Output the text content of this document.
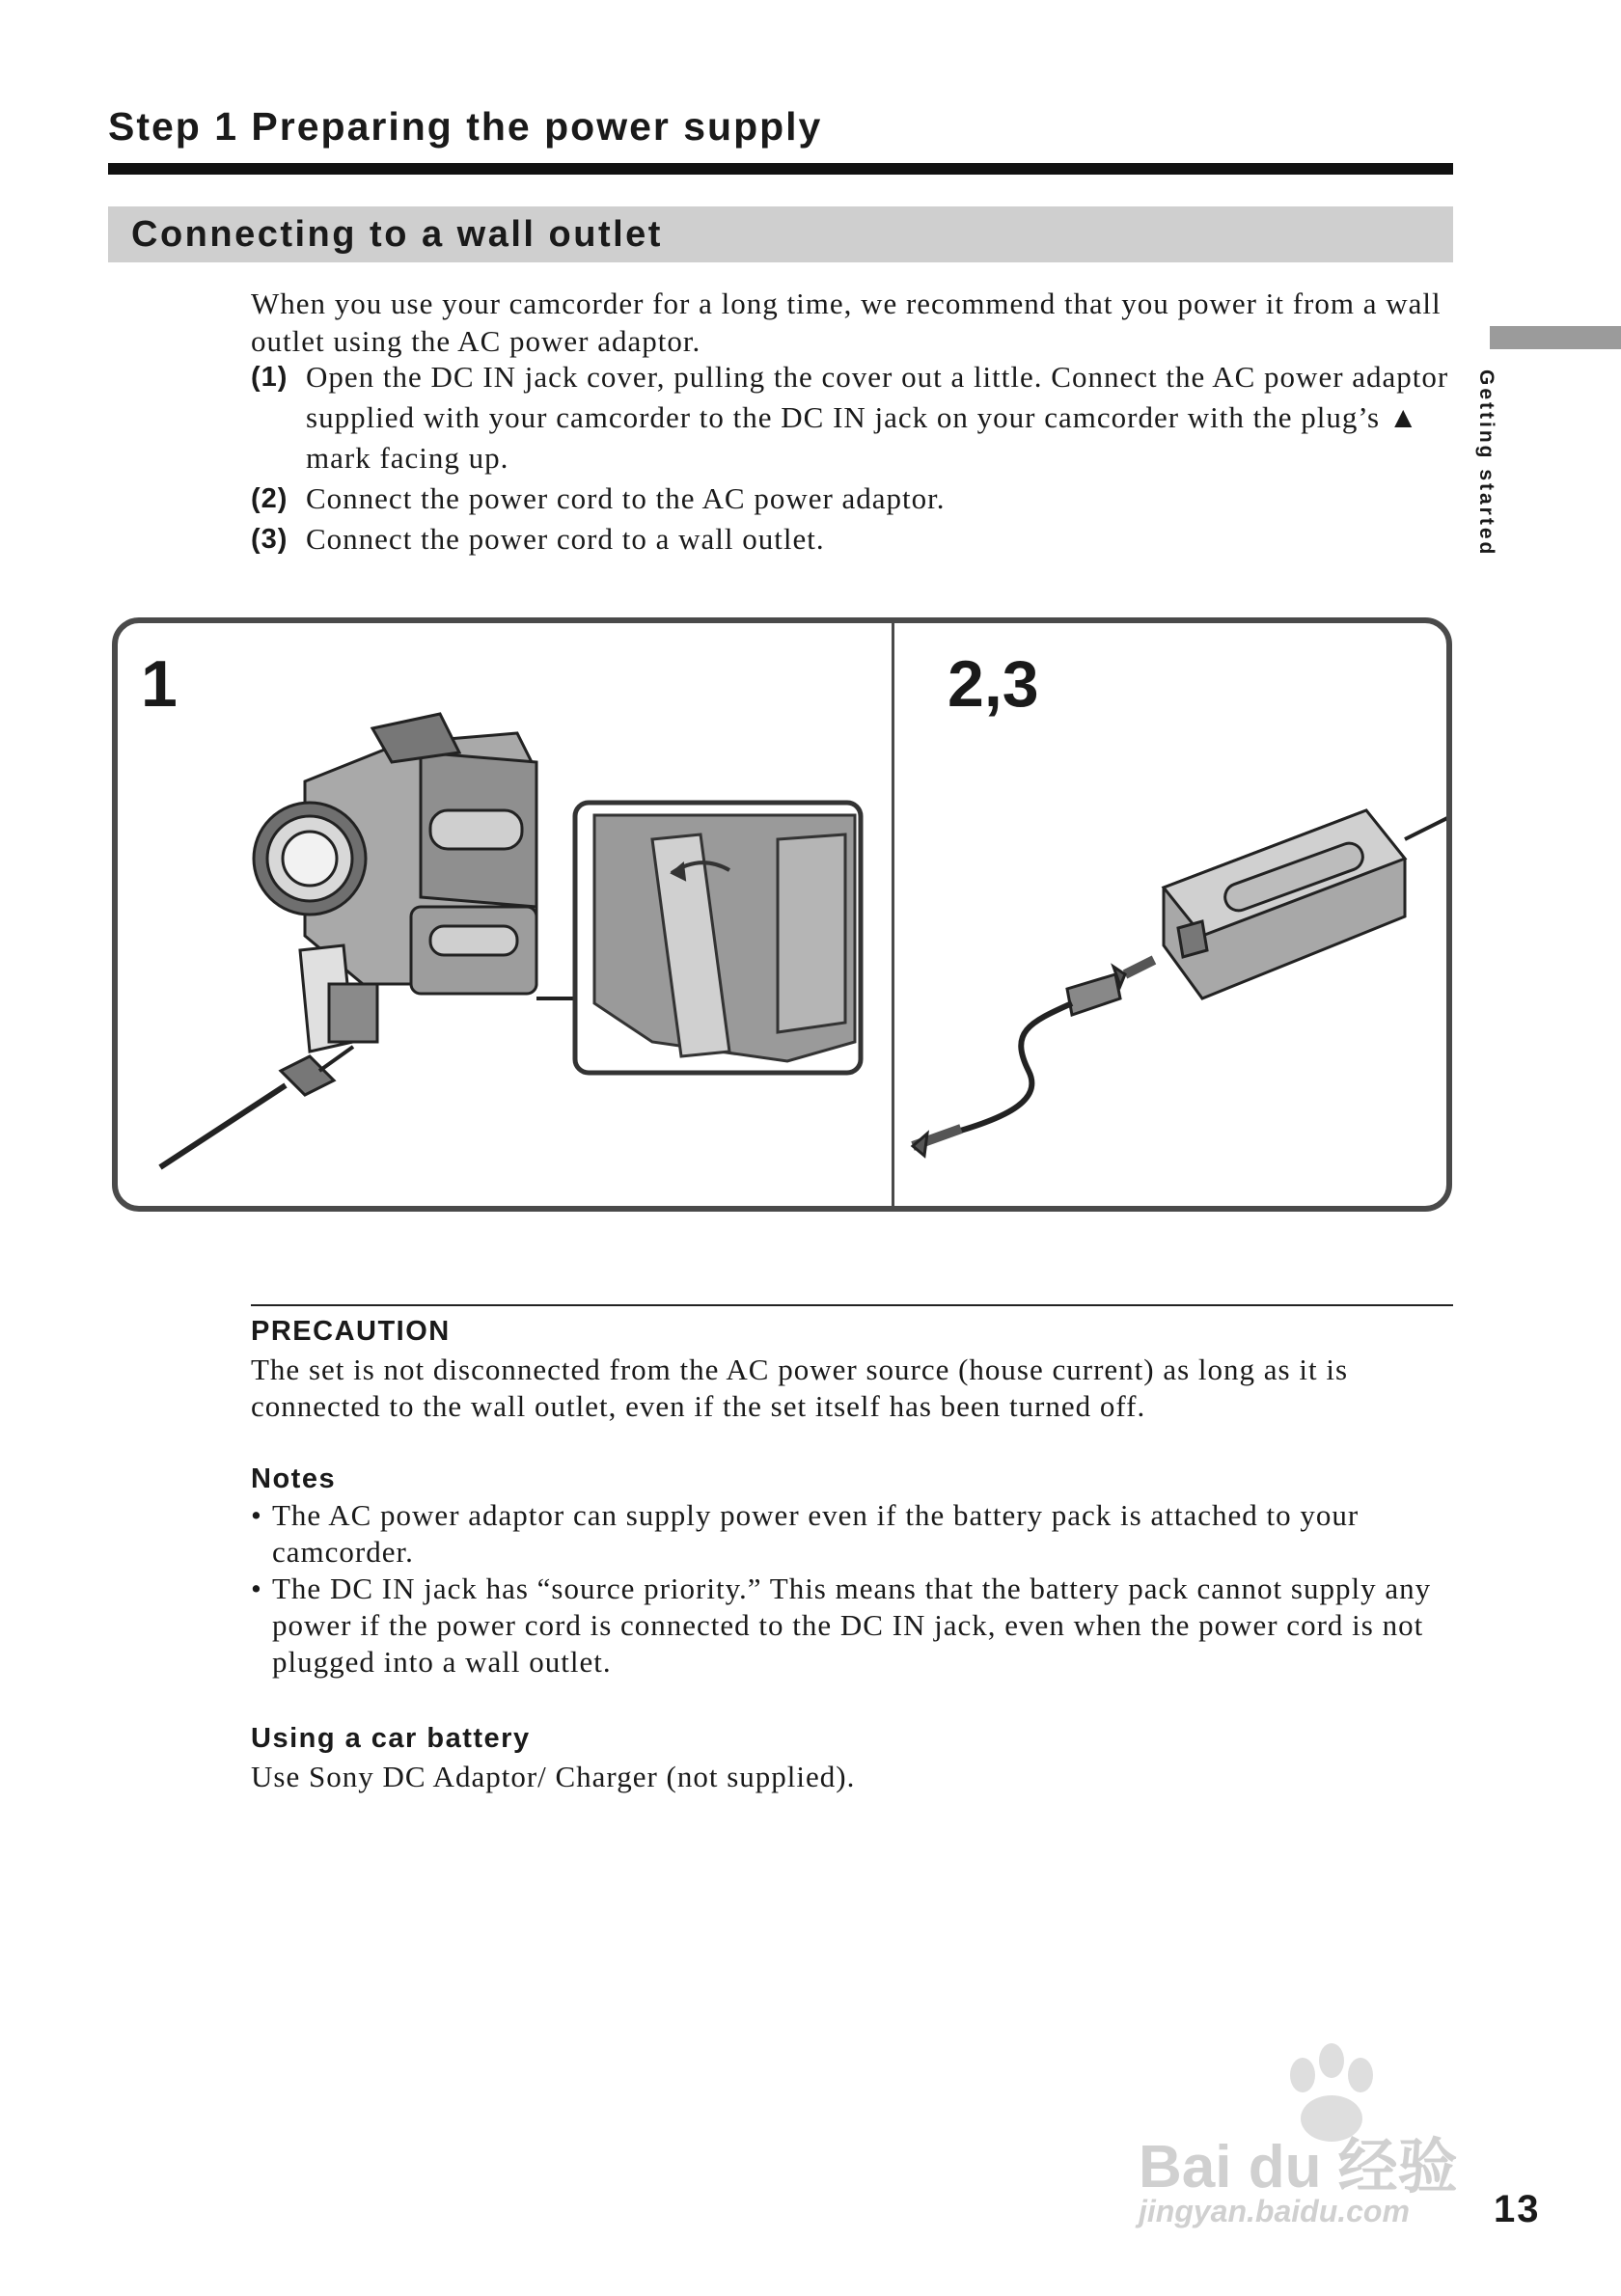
Step 1 Preparing the power supply
Connecting to a wall outlet
Getting started

When you use your camcorder for a long time, we recommend that you power it from a wall outlet using the AC power adaptor.

(1) Open the DC IN jack cover, pulling the cover out a little. Connect the AC power adaptor supplied with your camcorder to the DC IN jack on your camcorder with the plug’s ▲ mark facing up.
(2) Connect the power cord to the AC power adaptor.
(3) Connect the power cord to a wall outlet.
1	2,3
PRECAUTION

The set is not disconnected from the AC power source (house current) as long as it is connected to the wall outlet, even if the set itself has been turned off.

Notes
• The AC power adaptor can supply power even if the battery pack is attached to your camcorder.
• The DC IN jack has “source priority.” This means that the battery pack cannot supply any power if the power cord is connected to the DC IN jack, even when the power cord is not plugged into a wall outlet.
Using a car battery

Use Sony DC Adaptor/ Charger (not supplied).

Bai du 经验
jingyan.baidu.com 13
